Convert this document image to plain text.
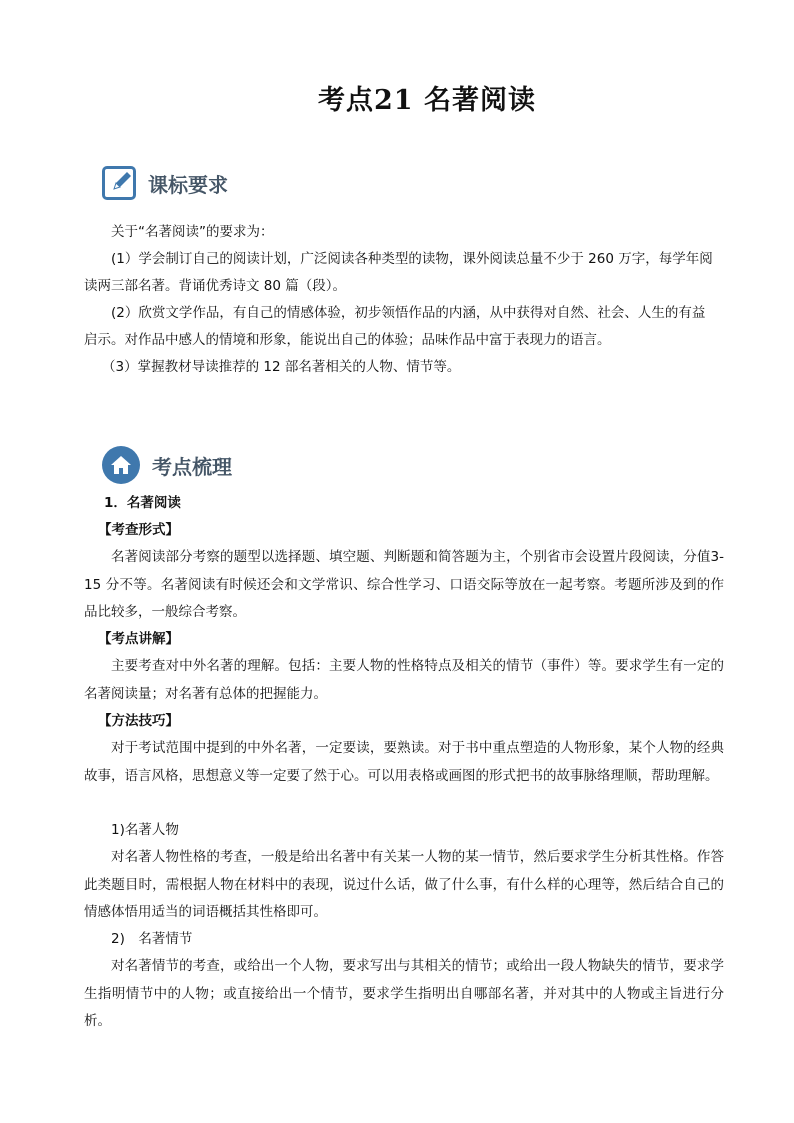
考点21 名著阅读
课标要求
关于“名著阅读”的要求为：
(1）学会制订自己的阅读计划，广泛阅读各种类型的读物，课外阅读总量不少于 260 万字，每学年阅
读两三部名著。背诵优秀诗文 80 篇（段）。
(2）欣赏文学作品，有自己的情感体验，初步领悟作品的内涵，从中获得对自然、社会、人生的有益
启示。对作品中感人的情境和形象，能说出自己的体验；品味作品中富于表现力的语言。
（3）掌握教材导读推荐的 12 部名著相关的人物、情节等。
考点梳理
1．名著阅读
【考查形式】
名著阅读部分考察的题型以选择题、填空题、判断题和简答题为主，个别省市会设置片段阅读，分值3-15 分不等。名著阅读有时候还会和文学常识、综合性学习、口语交际等放在一起考察。考题所涉及到的作品比较多，一般综合考察。
【考点讲解】
主要考查对中外名著的理解。包括：主要人物的性格特点及相关的情节（事件）等。要求学生有一定的名著阅读量；对名著有总体的把握能力。
【方法技巧】
对于考试范围中提到的中外名著，一定要读，要熟读。对于书中重点塑造的人物形象，某个人物的经典故事，语言风格，思想意义等一定要了然于心。可以用表格或画图的形式把书的故事脉络理顺，帮助理解。
1)名著人物
对名著人物性格的考查，一般是给出名著中有关某一人物的某一情节，然后要求学生分析其性格。作答此类题目时，需根据人物在材料中的表现，说过什么话，做了什么事，有什么样的心理等，然后结合自己的情感体悟用适当的词语概括其性格即可。
2)　名著情节
对名著情节的考查，或给出一个人物，要求写出与其相关的情节；或给出一段人物缺失的情节，要求学生指明情节中的人物；或直接给出一个情节，要求学生指明出自哪部名著，并对其中的人物或主旨进行分析。
